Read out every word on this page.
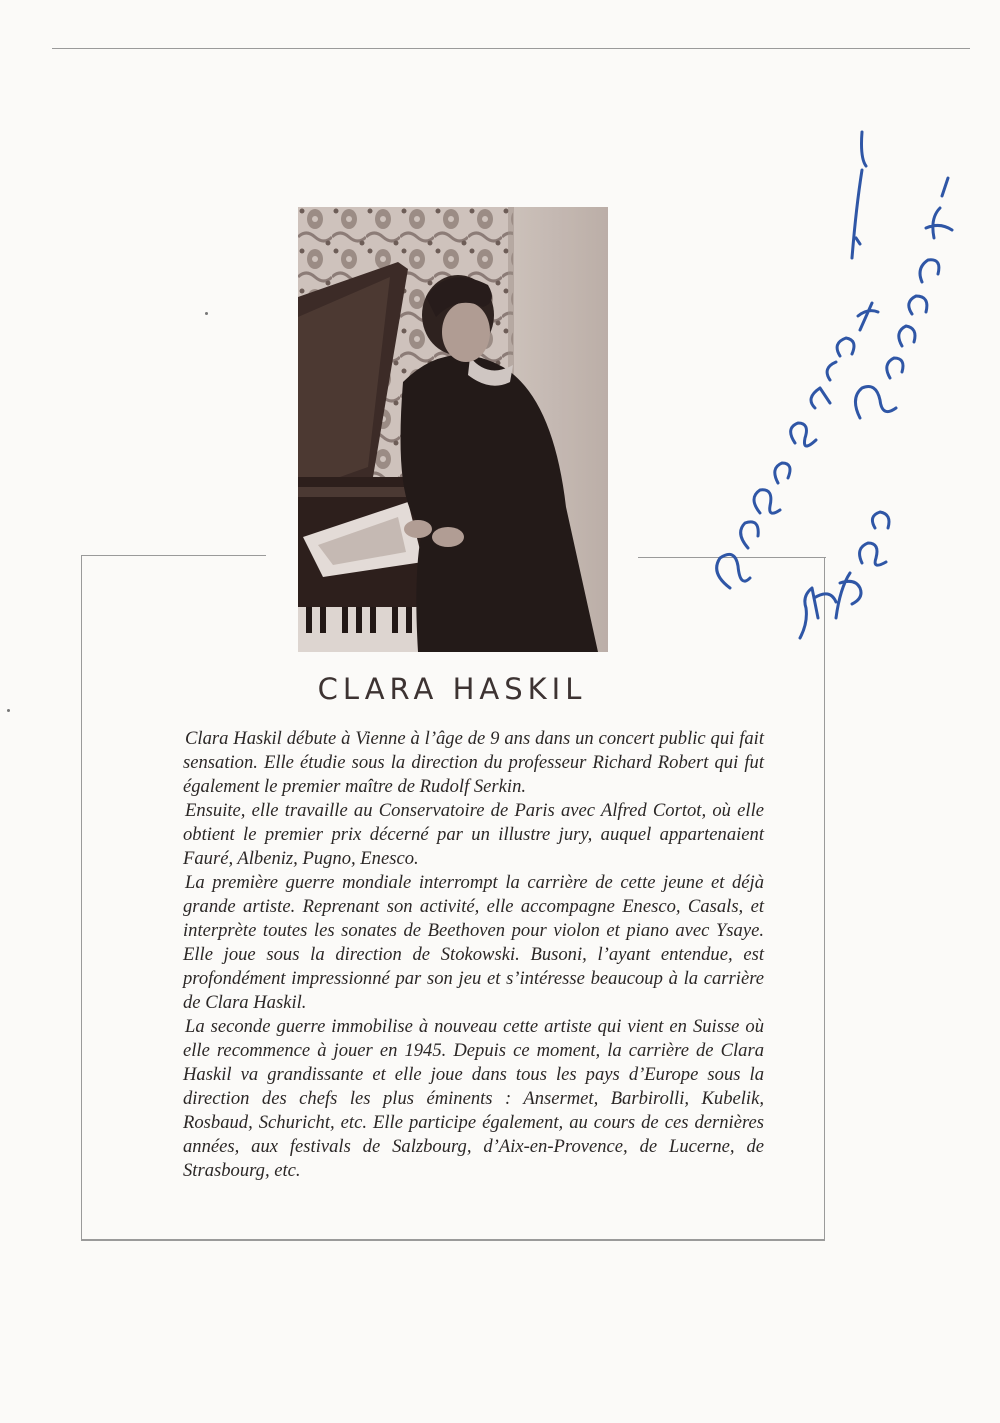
CLARA HASKIL

Clara Haskil débute à Vienne à l’âge de 9 ans dans un concert public qui fait sensation. Elle étudie sous la direction du professeur Richard Robert qui fut également le premier maître de Rudolf Serkin.

Ensuite, elle travaille au Conservatoire de Paris avec Alfred Cortot, où elle obtient le premier prix décerné par un illustre jury, auquel appartenaient Fauré, Albeniz, Pugno, Enesco.

La première guerre mondiale interrompt la carrière de cette jeune et déjà grande artiste. Reprenant son activité, elle accompagne Enesco, Casals, et interprète toutes les sonates de Beethoven pour violon et piano avec Ysaye. Elle joue sous la direction de Stokowski. Busoni, l’ayant entendue, est profondément impressionné par son jeu et s’intéresse beaucoup à la carrière de Clara Haskil.

La seconde guerre immobilise à nouveau cette artiste qui vient en Suisse où elle recommence à jouer en 1945. Depuis ce moment, la carrière de Clara Haskil va grandissante et elle joue dans tous les pays d’Europe sous la direction des chefs les plus éminents : Ansermet, Barbirolli, Kubelik, Rosbaud, Schuricht, etc. Elle participe également, au cours de ces dernières années, aux festivals de Salzbourg, d’Aix-en-Provence, de Lucerne, de Strasbourg, etc.
